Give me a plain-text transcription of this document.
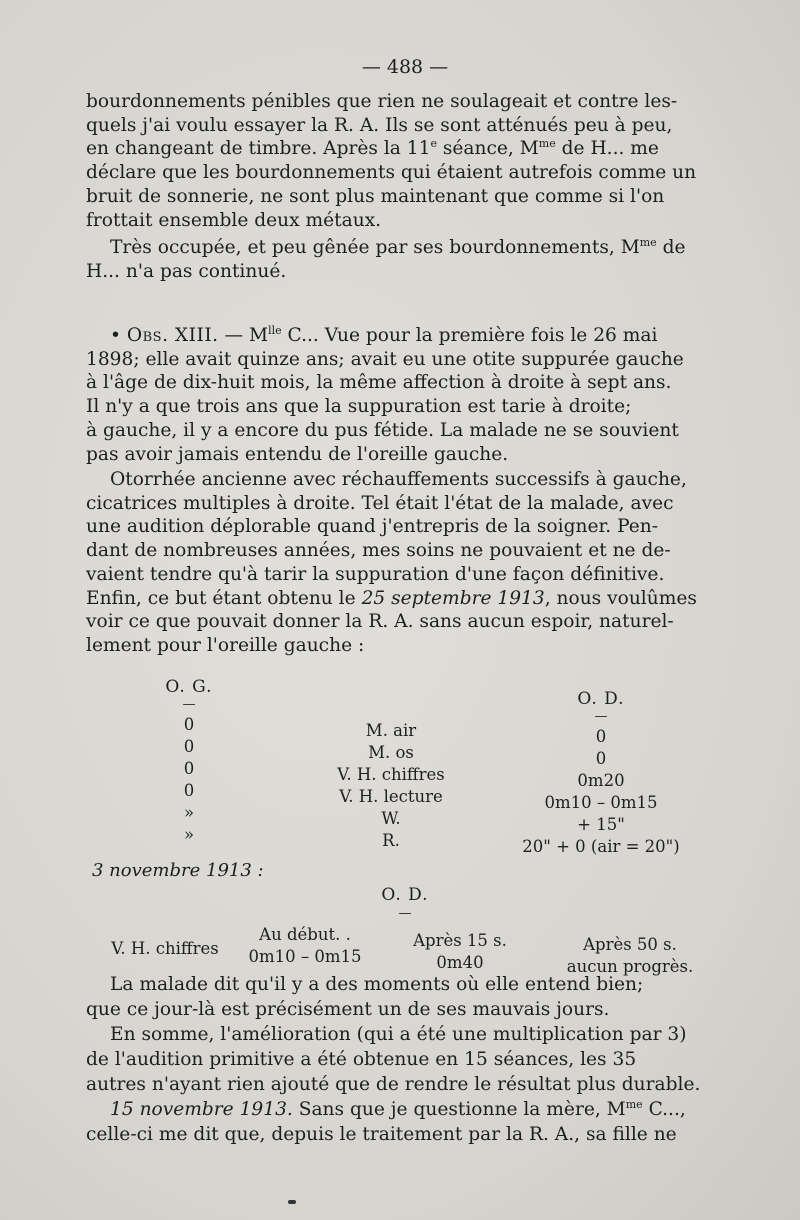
— 488 —

bourdonnements pénibles que rien ne soulageait et contre les-

quels j'ai voulu essayer la R. A. Ils se sont atténués peu à peu,

en changeant de timbre. Après la 11e séance, $M^{me}$ de H... me

déclare que les bourdonnements qui étaient autrefois comme un

bruit de sonnerie, ne sont plus maintenant que comme si l'on

frottait ensemble deux métaux.

Très occupée, et peu gênée par ses bourdonnements, $M^{me}$ de

H... n'a pas continué.

• Obs. XIII. — $M^{lle}$ C... Vue pour la première fois le 26 mai

1898; elle avait quinze ans; avait eu une otite suppurée gauche

à l'âge de dix-huit mois, la même affection à droite à sept ans.

Il n'y a que trois ans que la suppuration est tarie à droite;

à gauche, il y a encore du pus fétide. La malade ne se souvient

pas avoir jamais entendu de l'oreille gauche.

Otorrhée ancienne avec réchauffements successifs à gauche,

cicatrices multiples à droite. Tel était l'état de la malade, avec

une audition déplorable quand j'entrepris de la soigner. Pen-

dant de nombreuses années, mes soins ne pouvaient et ne de-

vaient tendre qu'à tarir la suppuration d'une façon définitive.

Enfin, ce but étant obtenu le 25 septembre 1913, nous voulûmes

voir ce que pouvait donner la R. A. sans aucun espoir, naturel-

lement pour l'oreille gauche :

O. G.
—
0
0
0
0
»
»
M. air
M. os
V. H. chiffres
V. H. lecture
W.
R.
O. D.
—
0
0
0m20
0m10 – 0m15
+ 15"
20" + 0 (air = 20")
3 novembre 1913 :
O. D.
—
V. H. chiffres
Au début. .
0m10 – 0m15
Après 15 s.
0m40
Après 50 s.
aucun progrès.

La malade dit qu'il y a des moments où elle entend bien;

que ce jour-là est précisément un de ses mauvais jours.

En somme, l'amélioration (qui a été une multiplication par 3)

de l'audition primitive a été obtenue en 15 séances, les 35

autres n'ayant rien ajouté que de rendre le résultat plus durable.

15 novembre 1913. Sans que je questionne la mère, $M^{me}$ C...,

celle-ci me dit que, depuis le traitement par la R. A., sa fille ne
